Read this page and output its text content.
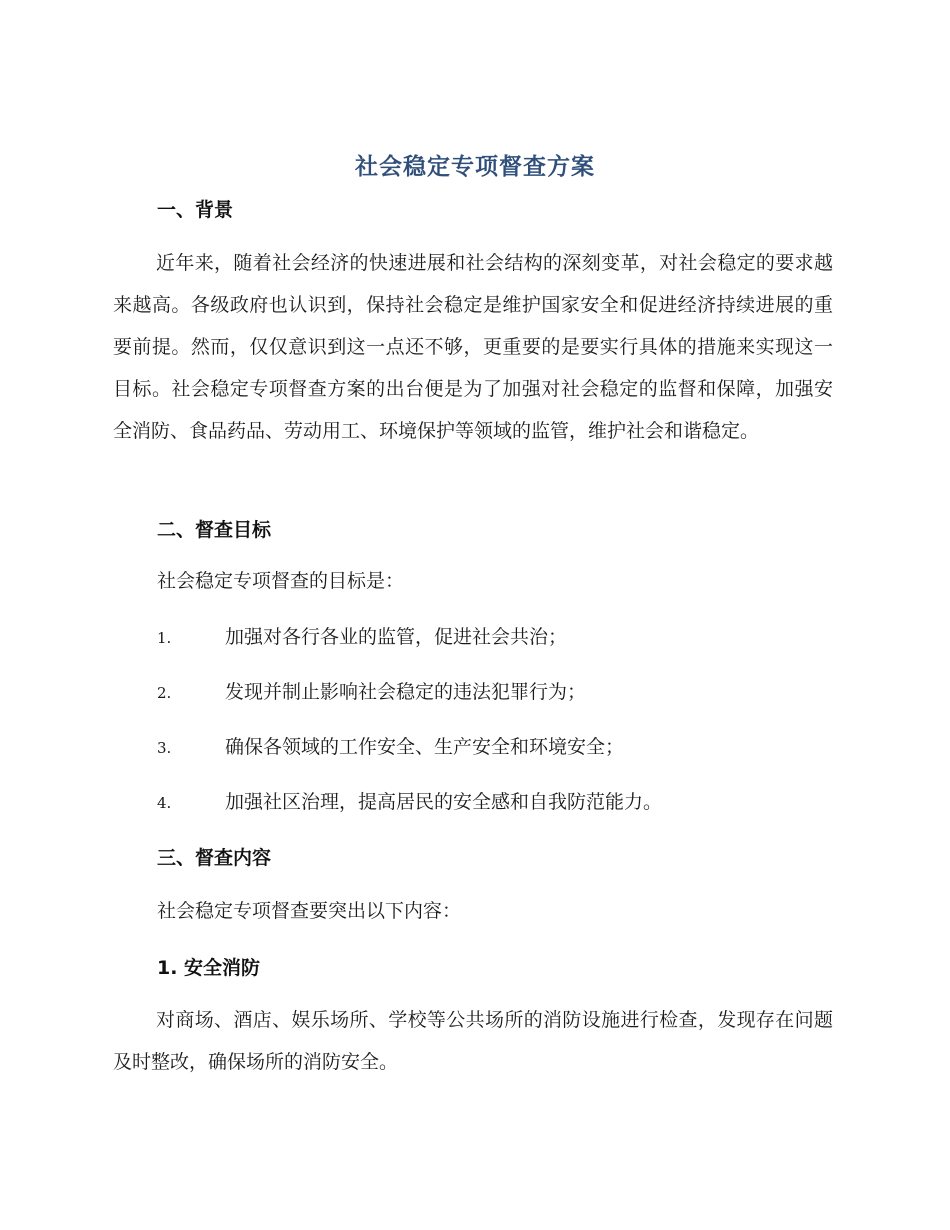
社会稳定专项督查方案
一、背景

近年来，随着社会经济的快速进展和社会结构的深刻变革，对社会稳定的要求越来越高。各级政府也认识到，保持社会稳定是维护国家安全和促进经济持续进展的重要前提。然而，仅仅意识到这一点还不够，更重要的是要实行具体的措施来实现这一目标。社会稳定专项督查方案的出台便是为了加强对社会稳定的监督和保障，加强安全消防、食品药品、劳动用工、环境保护等领域的监管，维护社会和谐稳定。

二、督查目标
社会稳定专项督查的目标是：
1.	加强对各行各业的监管，促进社会共治；
2.	发现并制止影响社会稳定的违法犯罪行为；
3.	确保各领域的工作安全、生产安全和环境安全；
4.	加强社区治理，提高居民的安全感和自我防范能力。
三、督查内容
社会稳定专项督查要突出以下内容：
1. 安全消防

对商场、酒店、娱乐场所、学校等公共场所的消防设施进行检查，发现存在问题及时整改，确保场所的消防安全。
